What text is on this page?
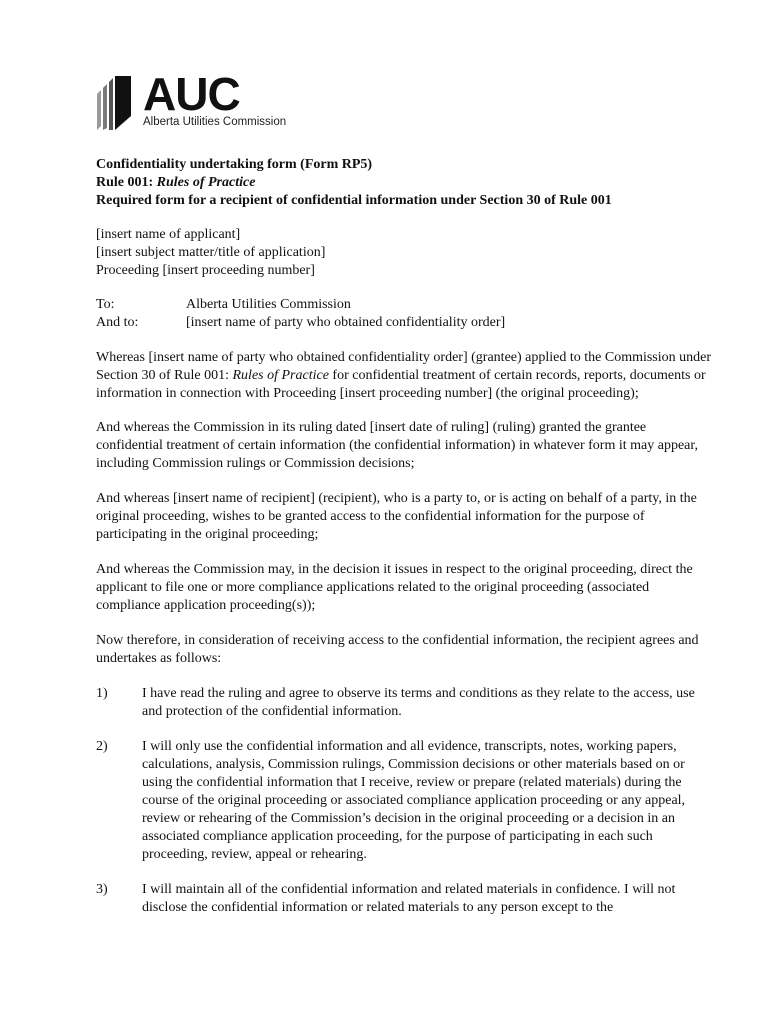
AUC
Alberta Utilities Commission

Confidentiality undertaking form (Form RP5)

Rule 001: Rules of Practice

Required form for a recipient of confidential information under Section 30 of Rule 001

[insert name of applicant]

[insert subject matter/title of application]

Proceeding [insert proceeding number]

To:	Alberta Utilities Commission
And to:	[insert name of party who obtained confidentiality order]

Whereas [insert name of party who obtained confidentiality order] (grantee) applied to the Commission under Section 30 of Rule 001: Rules of Practice for confidential treatment of certain records, reports, documents or information in connection with Proceeding [insert proceeding number] (the original proceeding);

And whereas the Commission in its ruling dated [insert date of ruling] (ruling) granted the grantee confidential treatment of certain information (the confidential information) in whatever form it may appear, including Commission rulings or Commission decisions;

And whereas [insert name of recipient] (recipient), who is a party to, or is acting on behalf of a party, in the original proceeding, wishes to be granted access to the confidential information for the purpose of participating in the original proceeding;

And whereas the Commission may, in the decision it issues in respect to the original proceeding, direct the applicant to file one or more compliance applications related to the original proceeding (associated compliance application proceeding(s));

Now therefore, in consideration of receiving access to the confidential information, the recipient agrees and undertakes as follows:

1)	I have read the ruling and agree to observe its terms and conditions as they relate to the access, use and protection of the confidential information.
2)	I will only use the confidential information and all evidence, transcripts, notes, working papers, calculations, analysis, Commission rulings, Commission decisions or other materials based on or using the confidential information that I receive, review or prepare (related materials) during the course of the original proceeding or associated compliance application proceeding or any appeal, review or rehearing of the Commission’s decision in the original proceeding or a decision in an associated compliance application proceeding, for the purpose of participating in each such proceeding, review, appeal or rehearing.
3)	I will maintain all of the confidential information and related materials in confidence. I will not disclose the confidential information or related materials to any person except to the
